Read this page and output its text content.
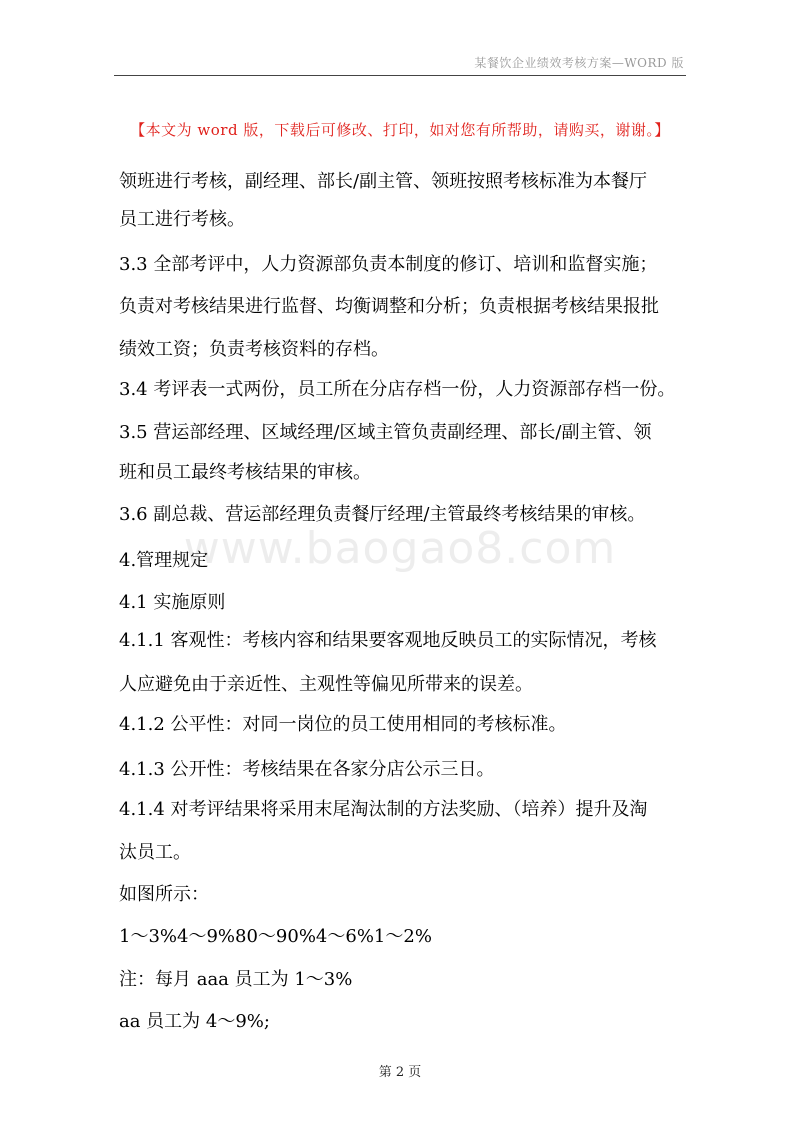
某餐饮企业绩效考核方案—WORD 版
【本文为 word 版，下载后可修改、打印，如对您有所帮助，请购买，谢谢。】
www.baogao8.com
领班进行考核，副经理、部长/副主管、领班按照考核标准为本餐厅
员工进行考核。
3.3 全部考评中，人力资源部负责本制度的修订、培训和监督实施；
负责对考核结果进行监督、均衡调整和分析；负责根据考核结果报批
绩效工资；负责考核资料的存档。
3.4 考评表一式两份，员工所在分店存档一份，人力资源部存档一份。
3.5 营运部经理、区域经理/区域主管负责副经理、部长/副主管、领
班和员工最终考核结果的审核。
3.6 副总裁、营运部经理负责餐厅经理/主管最终考核结果的审核。
4.管理规定
4.1 实施原则
4.1.1 客观性：考核内容和结果要客观地反映员工的实际情况，考核
人应避免由于亲近性、主观性等偏见所带来的误差。
4.1.2 公平性：对同一岗位的员工使用相同的考核标准。
4.1.3 公开性：考核结果在各家分店公示三日。
4.1.4 对考评结果将采用末尾淘汰制的方法奖励、（培养）提升及淘
汰员工。
如图所示：
1～3%4～9%80～90%4～6%1～2%
注：每月 aaa 员工为 1～3%
aa 员工为 4～9%;
第 2 页
